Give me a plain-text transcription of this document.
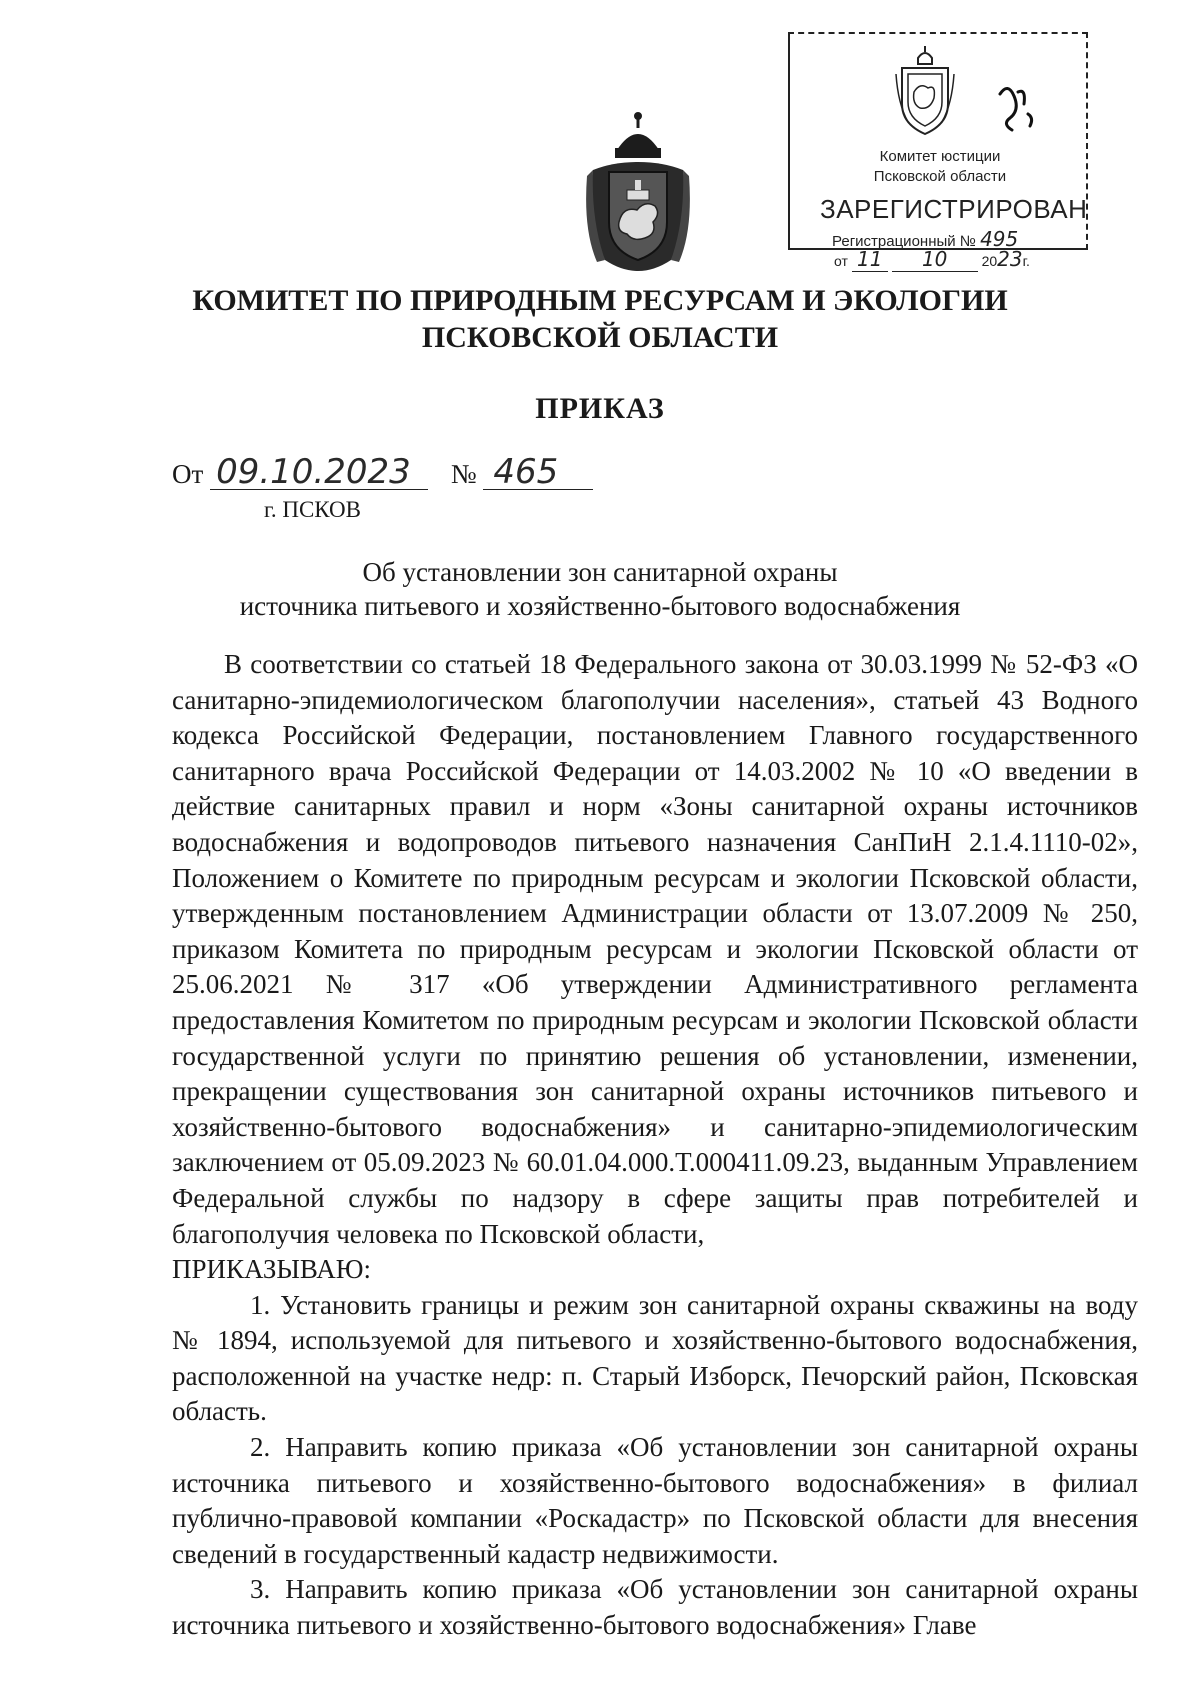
Комитет юстиции
Псковской области
ЗАРЕГИСТРИРОВАН
Регистрационный № 495
от 11 10 2023г.
КОМИТЕТ ПО ПРИРОДНЫМ РЕСУРСАМ И ЭКОЛОГИИ
ПСКОВСКОЙ ОБЛАСТИ
ПРИКАЗ
От 09.10.2023 № 465
г. ПСКОВ
Об установлении зон санитарной охраны
источника питьевого и хозяйственно-бытового водоснабжения

В соответствии со статьей 18 Федерального закона от 30.03.1999 № 52-ФЗ «О санитарно-эпидемиологическом благополучии населения», статьей 43 Водного кодекса Российской Федерации, постановлением Главного государственного санитарного врача Российской Федерации от 14.03.2002 № 10 «О введении в действие санитарных правил и норм «Зоны санитарной охраны источников водоснабжения и водопроводов питьевого назначения СанПиН 2.1.4.1110-02», Положением о Комитете по природным ресурсам и экологии Псковской области, утвержденным постановлением Администрации области от 13.07.2009 № 250, приказом Комитета по природным ресурсам и экологии Псковской области от 25.06.2021 № 317 «Об утверждении Административного регламента предоставления Комитетом по природным ресурсам и экологии Псковской области государственной услуги по принятию решения об установлении, изменении, прекращении существования зон санитарной охраны источников питьевого и хозяйственно-бытового водоснабжения» и санитарно-эпидемиологическим заключением от 05.09.2023 № 60.01.04.000.Т.000411.09.23, выданным Управлением Федеральной службы по надзору в сфере защиты прав потребителей и благополучия человека по Псковской области,

ПРИКАЗЫВАЮ:

1. Установить границы и режим зон санитарной охраны скважины на воду № 1894, используемой для питьевого и хозяйственно-бытового водоснабжения, расположенной на участке недр: п. Старый Изборск, Печорский район, Псковская область.

2. Направить копию приказа «Об установлении зон санитарной охраны источника питьевого и хозяйственно-бытового водоснабжения» в филиал публично-правовой компании «Роскадастр» по Псковской области для внесения сведений в государственный кадастр недвижимости.

3. Направить копию приказа «Об установлении зон санитарной охраны источника питьевого и хозяйственно-бытового водоснабжения» Главе
